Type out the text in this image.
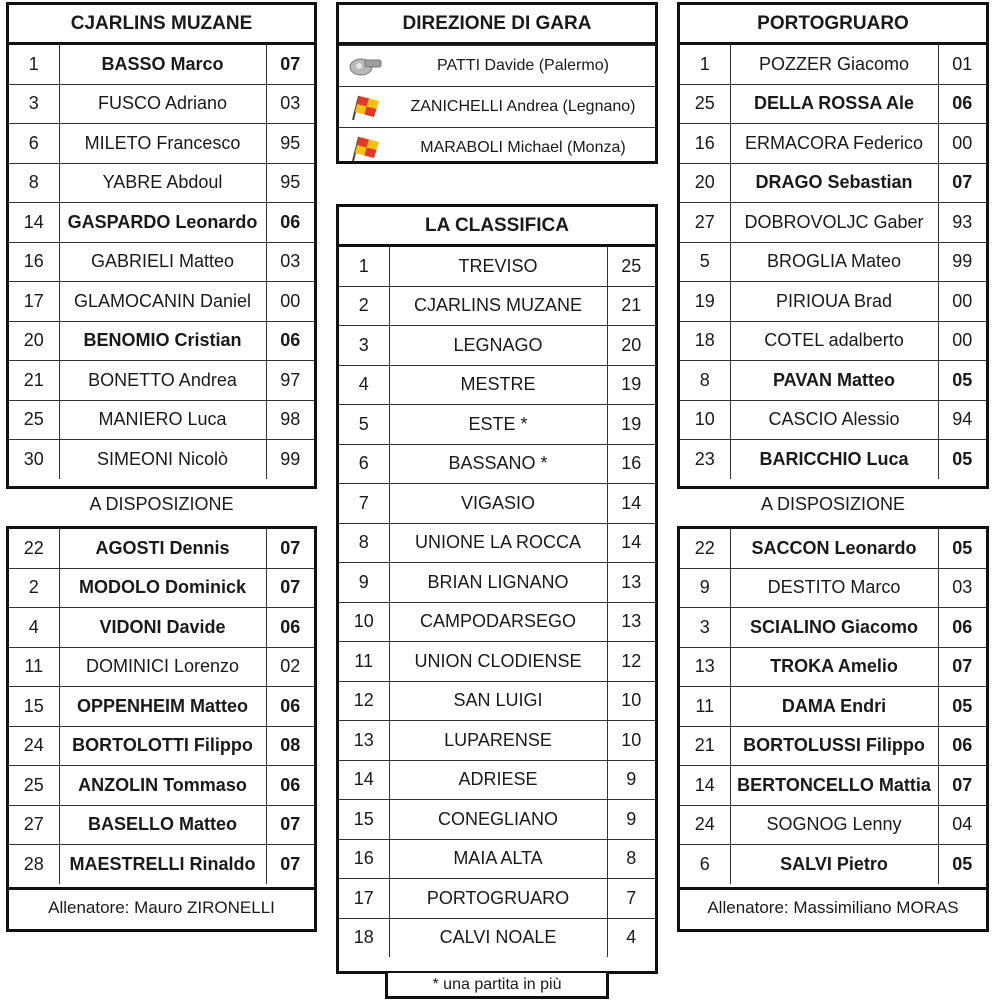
CJARLINS MUZANE
1	BASSO Marco	07
3	FUSCO Adriano	03
6	MILETO Francesco	95
8	YABRE Abdoul	95
14	GASPARDO Leonardo	06
16	GABRIELI Matteo	03
17	GLAMOCANIN Daniel	00
20	BENOMIO Cristian	06
21	BONETTO Andrea	97
25	MANIERO Luca	98
30	SIMEONI Nicolò	99
A DISPOSIZIONE
22	AGOSTI Dennis	07
2	MODOLO Dominick	07
4	VIDONI Davide	06
11	DOMINICI Lorenzo	02
15	OPPENHEIM Matteo	06
24	BORTOLOTTI Filippo	08
25	ANZOLIN Tommaso	06
27	BASELLO Matteo	07
28	MAESTRELLI Rinaldo	07
Allenatore: Mauro ZIRONELLI
DIREZIONE DI GARA
PATTI Davide (Palermo)
ZANICHELLI Andrea (Legnano)
MARABOLI Michael (Monza)
LA CLASSIFICA
1	TREVISO	25
2	CJARLINS MUZANE	21
3	LEGNAGO	20
4	MESTRE	19
5	ESTE *	19
6	BASSANO *	16
7	VIGASIO	14
8	UNIONE LA ROCCA	14
9	BRIAN LIGNANO	13
10	CAMPODARSEGO	13
11	UNION CLODIENSE	12
12	SAN LUIGI	10
13	LUPARENSE	10
14	ADRIESE	9
15	CONEGLIANO	9
16	MAIA ALTA	8
17	PORTOGRUARO	7
18	CALVI NOALE	4
* una partita in più
PORTOGRUARO
1	POZZER Giacomo	01
25	DELLA ROSSA Ale	06
16	ERMACORA Federico	00
20	DRAGO Sebastian	07
27	DOBROVOLJC Gaber	93
5	BROGLIA Mateo	99
19	PIRIOUA Brad	00
18	COTEL adalberto	00
8	PAVAN Matteo	05
10	CASCIO Alessio	94
23	BARICCHIO Luca	05
A DISPOSIZIONE
22	SACCON Leonardo	05
9	DESTITO Marco	03
3	SCIALINO Giacomo	06
13	TROKA Amelio	07
11	DAMA Endri	05
21	BORTOLUSSI Filippo	06
14	BERTONCELLO Mattia	07
24	SOGNOG Lenny	04
6	SALVI Pietro	05
Allenatore: Massimiliano MORAS
